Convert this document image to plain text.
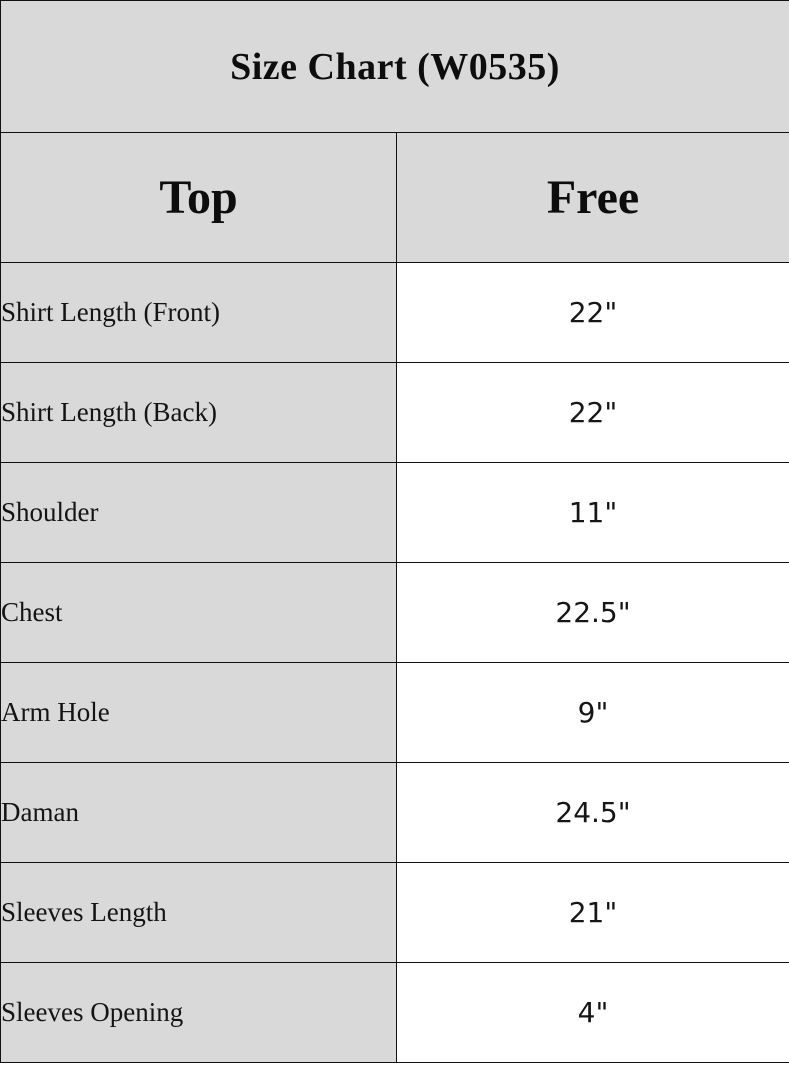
Size Chart (W0535)	
Top	Free
Shirt Length (Front)	22"
Shirt Length (Back)	22"
Shoulder	11"
Chest	22.5"
Arm Hole	9"
Daman	24.5"
Sleeves Length	21"
Sleeves Opening	4"
